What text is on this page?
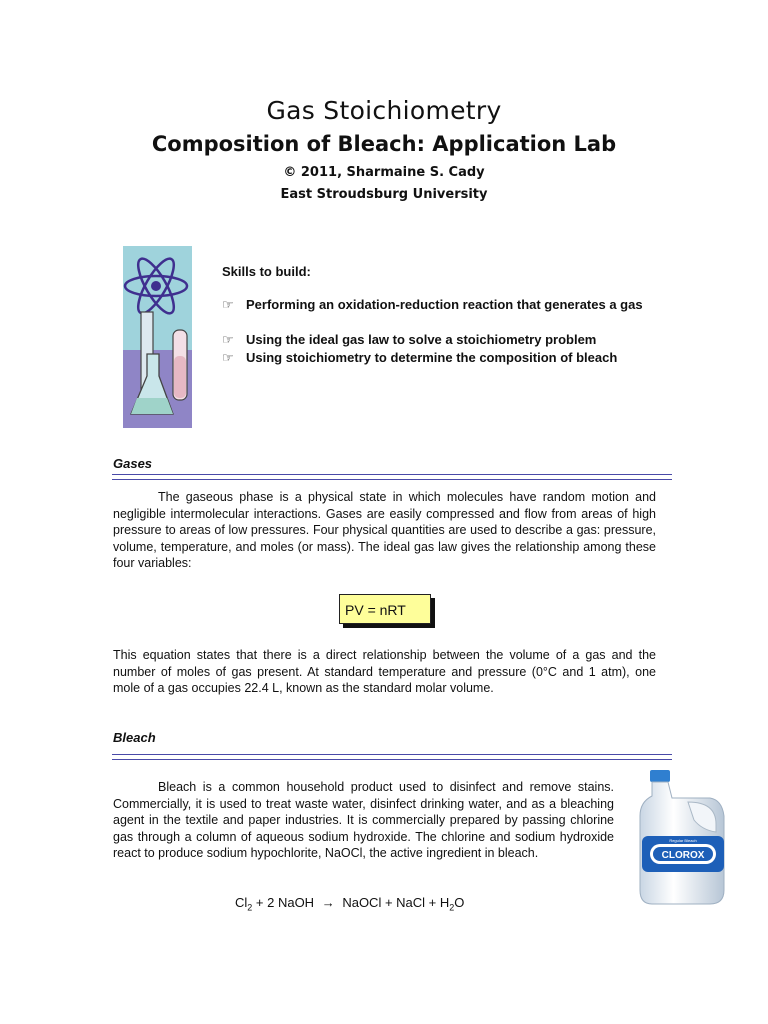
Gas Stoichiometry
Composition of Bleach: Application Lab
© 2011, Sharmaine S. Cady
East Stroudsburg University
Skills to build:
☞ Performing an oxidation-reduction reaction that generates a gas
☞ Using the ideal gas law to solve a stoichiometry problem
☞ Using stoichiometry to determine the composition of bleach
Gases
The gaseous phase is a physical state in which molecules have random motion and negligible intermolecular interactions. Gases are easily compressed and flow from areas of high pressure to areas of low pressures. Four physical quantities are used to describe a gas: pressure, volume, temperature, and moles (or mass). The ideal gas law gives the relationship among these four variables:
PV = nRT
This equation states that there is a direct relationship between the volume of a gas and the number of moles of gas present. At standard temperature and pressure (0°C and 1 atm), one mole of a gas occupies 22.4 L, known as the standard molar volume.
Bleach
Bleach is a common household product used to disinfect and remove stains. Commercially, it is used to treat waste water, disinfect drinking water, and as a bleaching agent in the textile and paper industries. It is commercially prepared by passing chlorine gas through a column of aqueous sodium hydroxide. The chlorine and sodium hydroxide react to produce sodium hypochlorite, NaOCl, the active ingredient in bleach.
$Cl_2 + 2$ NaOH → NaOCl + NaCl + $H_2O$
CLOROX
Regular Bleach
